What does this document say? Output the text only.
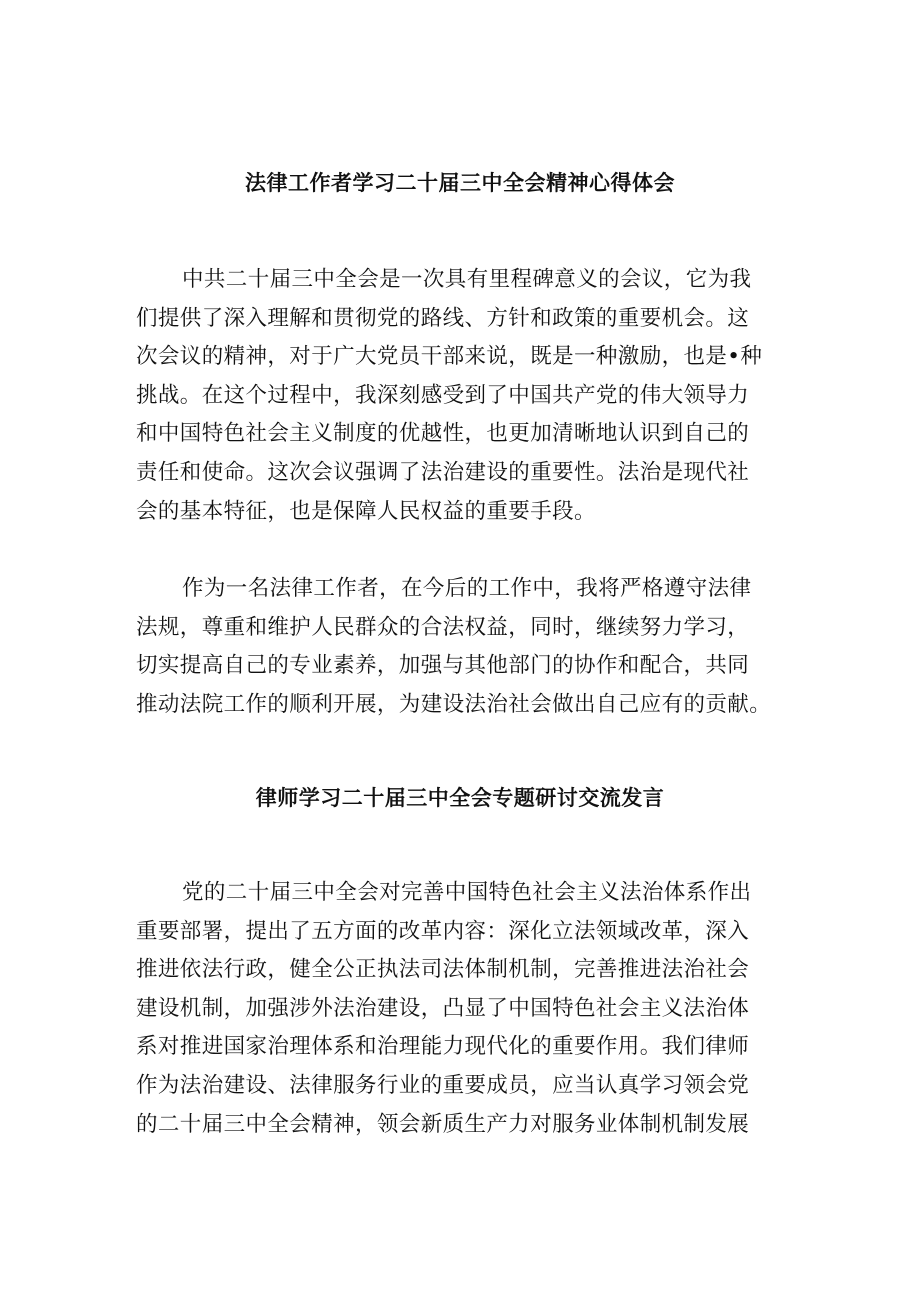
法律工作者学习二十届三中全会精神心得体会

中共二十届三中全会是一次具有里程碑意义的会议，它为我
们提供了深入理解和贯彻党的路线、方针和政策的重要机会。这
次会议的精神，对于广大党员干部来说，既是一种激励，也是•种
挑战。在这个过程中，我深刻感受到了中国共产党的伟大领导力
和中国特色社会主义制度的优越性，也更加清晰地认识到自己的
责任和使命。这次会议强调了法治建设的重要性。法治是现代社
会的基本特征，也是保障人民权益的重要手段。

作为一名法律工作者，在今后的工作中，我将严格遵守法律
法规，尊重和维护人民群众的合法权益，同时，继续努力学习，
切实提高自己的专业素养，加强与其他部门的协作和配合，共同
推动法院工作的顺利开展，为建设法治社会做出自己应有的贡献。

律师学习二十届三中全会专题研讨交流发言

党的二十届三中全会对完善中国特色社会主义法治体系作出
重要部署，提出了五方面的改革内容：深化立法领域改革，深入
推进依法行政，健全公正执法司法体制机制，完善推进法治社会
建设机制，加强涉外法治建设，凸显了中国特色社会主义法治体
系对推进国家治理体系和治理能力现代化的重要作用。我们律师
作为法治建设、法律服务行业的重要成员，应当认真学习领会党
的二十届三中全会精神，领会新质生产力对服务业体制机制发展
